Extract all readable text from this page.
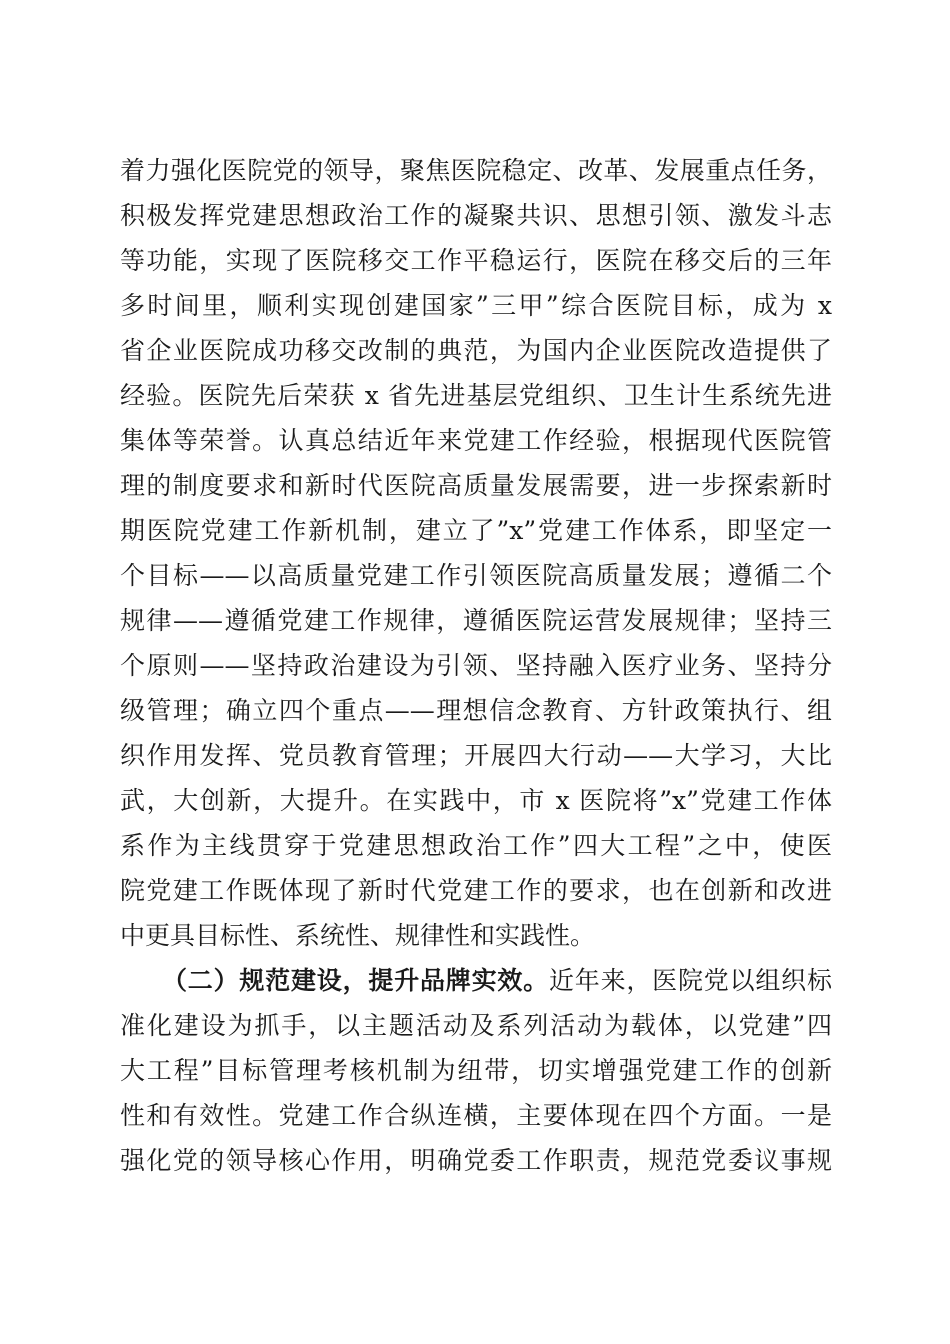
着力强化医院党的领导，聚焦医院稳定、改革、发展重点任务，
积极发挥党建思想政治工作的凝聚共识、思想引领、激发斗志
等功能，实现了医院移交工作平稳运行，医院在移交后的三年
多时间里，顺利实现创建国家”三甲”综合医院目标，成为 x
省企业医院成功移交改制的典范，为国内企业医院改造提供了
经验。医院先后荣获 x 省先进基层党组织、卫生计生系统先进
集体等荣誉。认真总结近年来党建工作经验，根据现代医院管
理的制度要求和新时代医院高质量发展需要，进一步探索新时
期医院党建工作新机制，建立了”x”党建工作体系，即坚定一
个目标——以高质量党建工作引领医院高质量发展；遵循二个
规律——遵循党建工作规律，遵循医院运营发展规律；坚持三
个原则——坚持政治建设为引领、坚持融入医疗业务、坚持分
级管理；确立四个重点——理想信念教育、方针政策执行、组
织作用发挥、党员教育管理；开展四大行动——大学习，大比
武，大创新，大提升。在实践中，市 x 医院将”x”党建工作体
系作为主线贯穿于党建思想政治工作”四大工程”之中，使医
院党建工作既体现了新时代党建工作的要求，也在创新和改进
中更具目标性、系统性、规律性和实践性。
（二）规范建设，提升品牌实效。近年来，医院党以组织标
准化建设为抓手，以主题活动及系列活动为载体，以党建”四
大工程”目标管理考核机制为纽带，切实增强党建工作的创新
性和有效性。党建工作合纵连横，主要体现在四个方面。一是
强化党的领导核心作用，明确党委工作职责，规范党委议事规
